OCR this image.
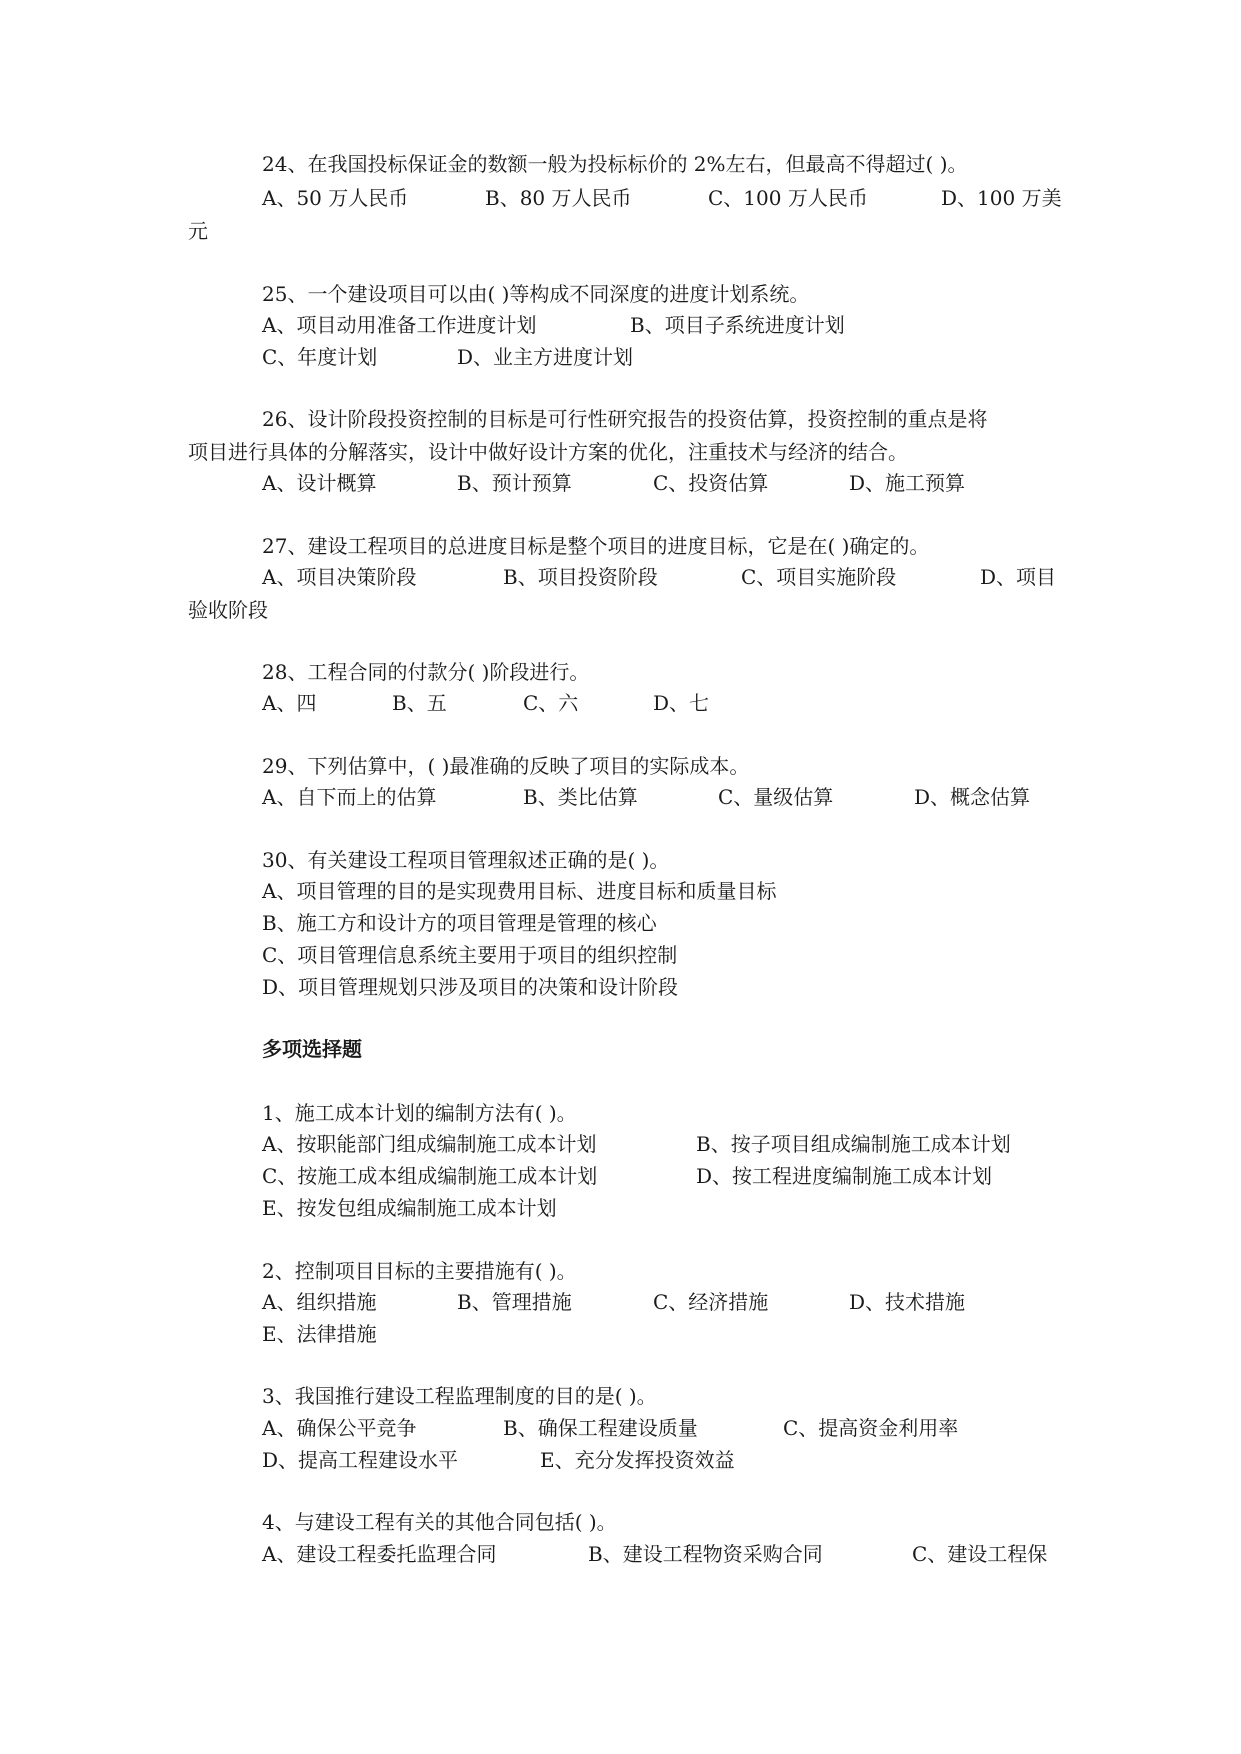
24、在我国投标保证金的数额一般为投标标价的 2%左右，但最高不得超过( )。
A、50 万人民币	B、80 万人民币	C、100 万人民币	D、100 万美
元
25、一个建设项目可以由( )等构成不同深度的进度计划系统。
A、项目动用准备工作进度计划	B、项目子系统进度计划
C、年度计划	D、业主方进度计划
26、设计阶段投资控制的目标是可行性研究报告的投资估算，投资控制的重点是将
项目进行具体的分解落实，设计中做好设计方案的优化，注重技术与经济的结合。
A、设计概算	B、预计预算	C、投资估算	D、施工预算
27、建设工程项目的总进度目标是整个项目的进度目标，它是在( )确定的。
A、项目决策阶段	B、项目投资阶段	C、项目实施阶段	D、项目
验收阶段
28、工程合同的付款分( )阶段进行。
A、四	B、五	C、六	D、七
29、下列估算中，( )最准确的反映了项目的实际成本。
A、自下而上的估算	B、类比估算	C、量级估算	D、概念估算
30、有关建设工程项目管理叙述正确的是( )。
A、项目管理的目的是实现费用目标、进度目标和质量目标
B、施工方和设计方的项目管理是管理的核心
C、项目管理信息系统主要用于项目的组织控制
D、项目管理规划只涉及项目的决策和设计阶段
多项选择题
1、施工成本计划的编制方法有( )。
A、按职能部门组成编制施工成本计划	B、按子项目组成编制施工成本计划
C、按施工成本组成编制施工成本计划	D、按工程进度编制施工成本计划
E、按发包组成编制施工成本计划
2、控制项目目标的主要措施有( )。
A、组织措施	B、管理措施	C、经济措施	D、技术措施
E、法律措施
3、我国推行建设工程监理制度的目的是( )。
A、确保公平竞争	B、确保工程建设质量	C、提高资金利用率
D、提高工程建设水平	E、充分发挥投资效益
4、与建设工程有关的其他合同包括( )。
A、建设工程委托监理合同	B、建设工程物资采购合同	C、建设工程保
